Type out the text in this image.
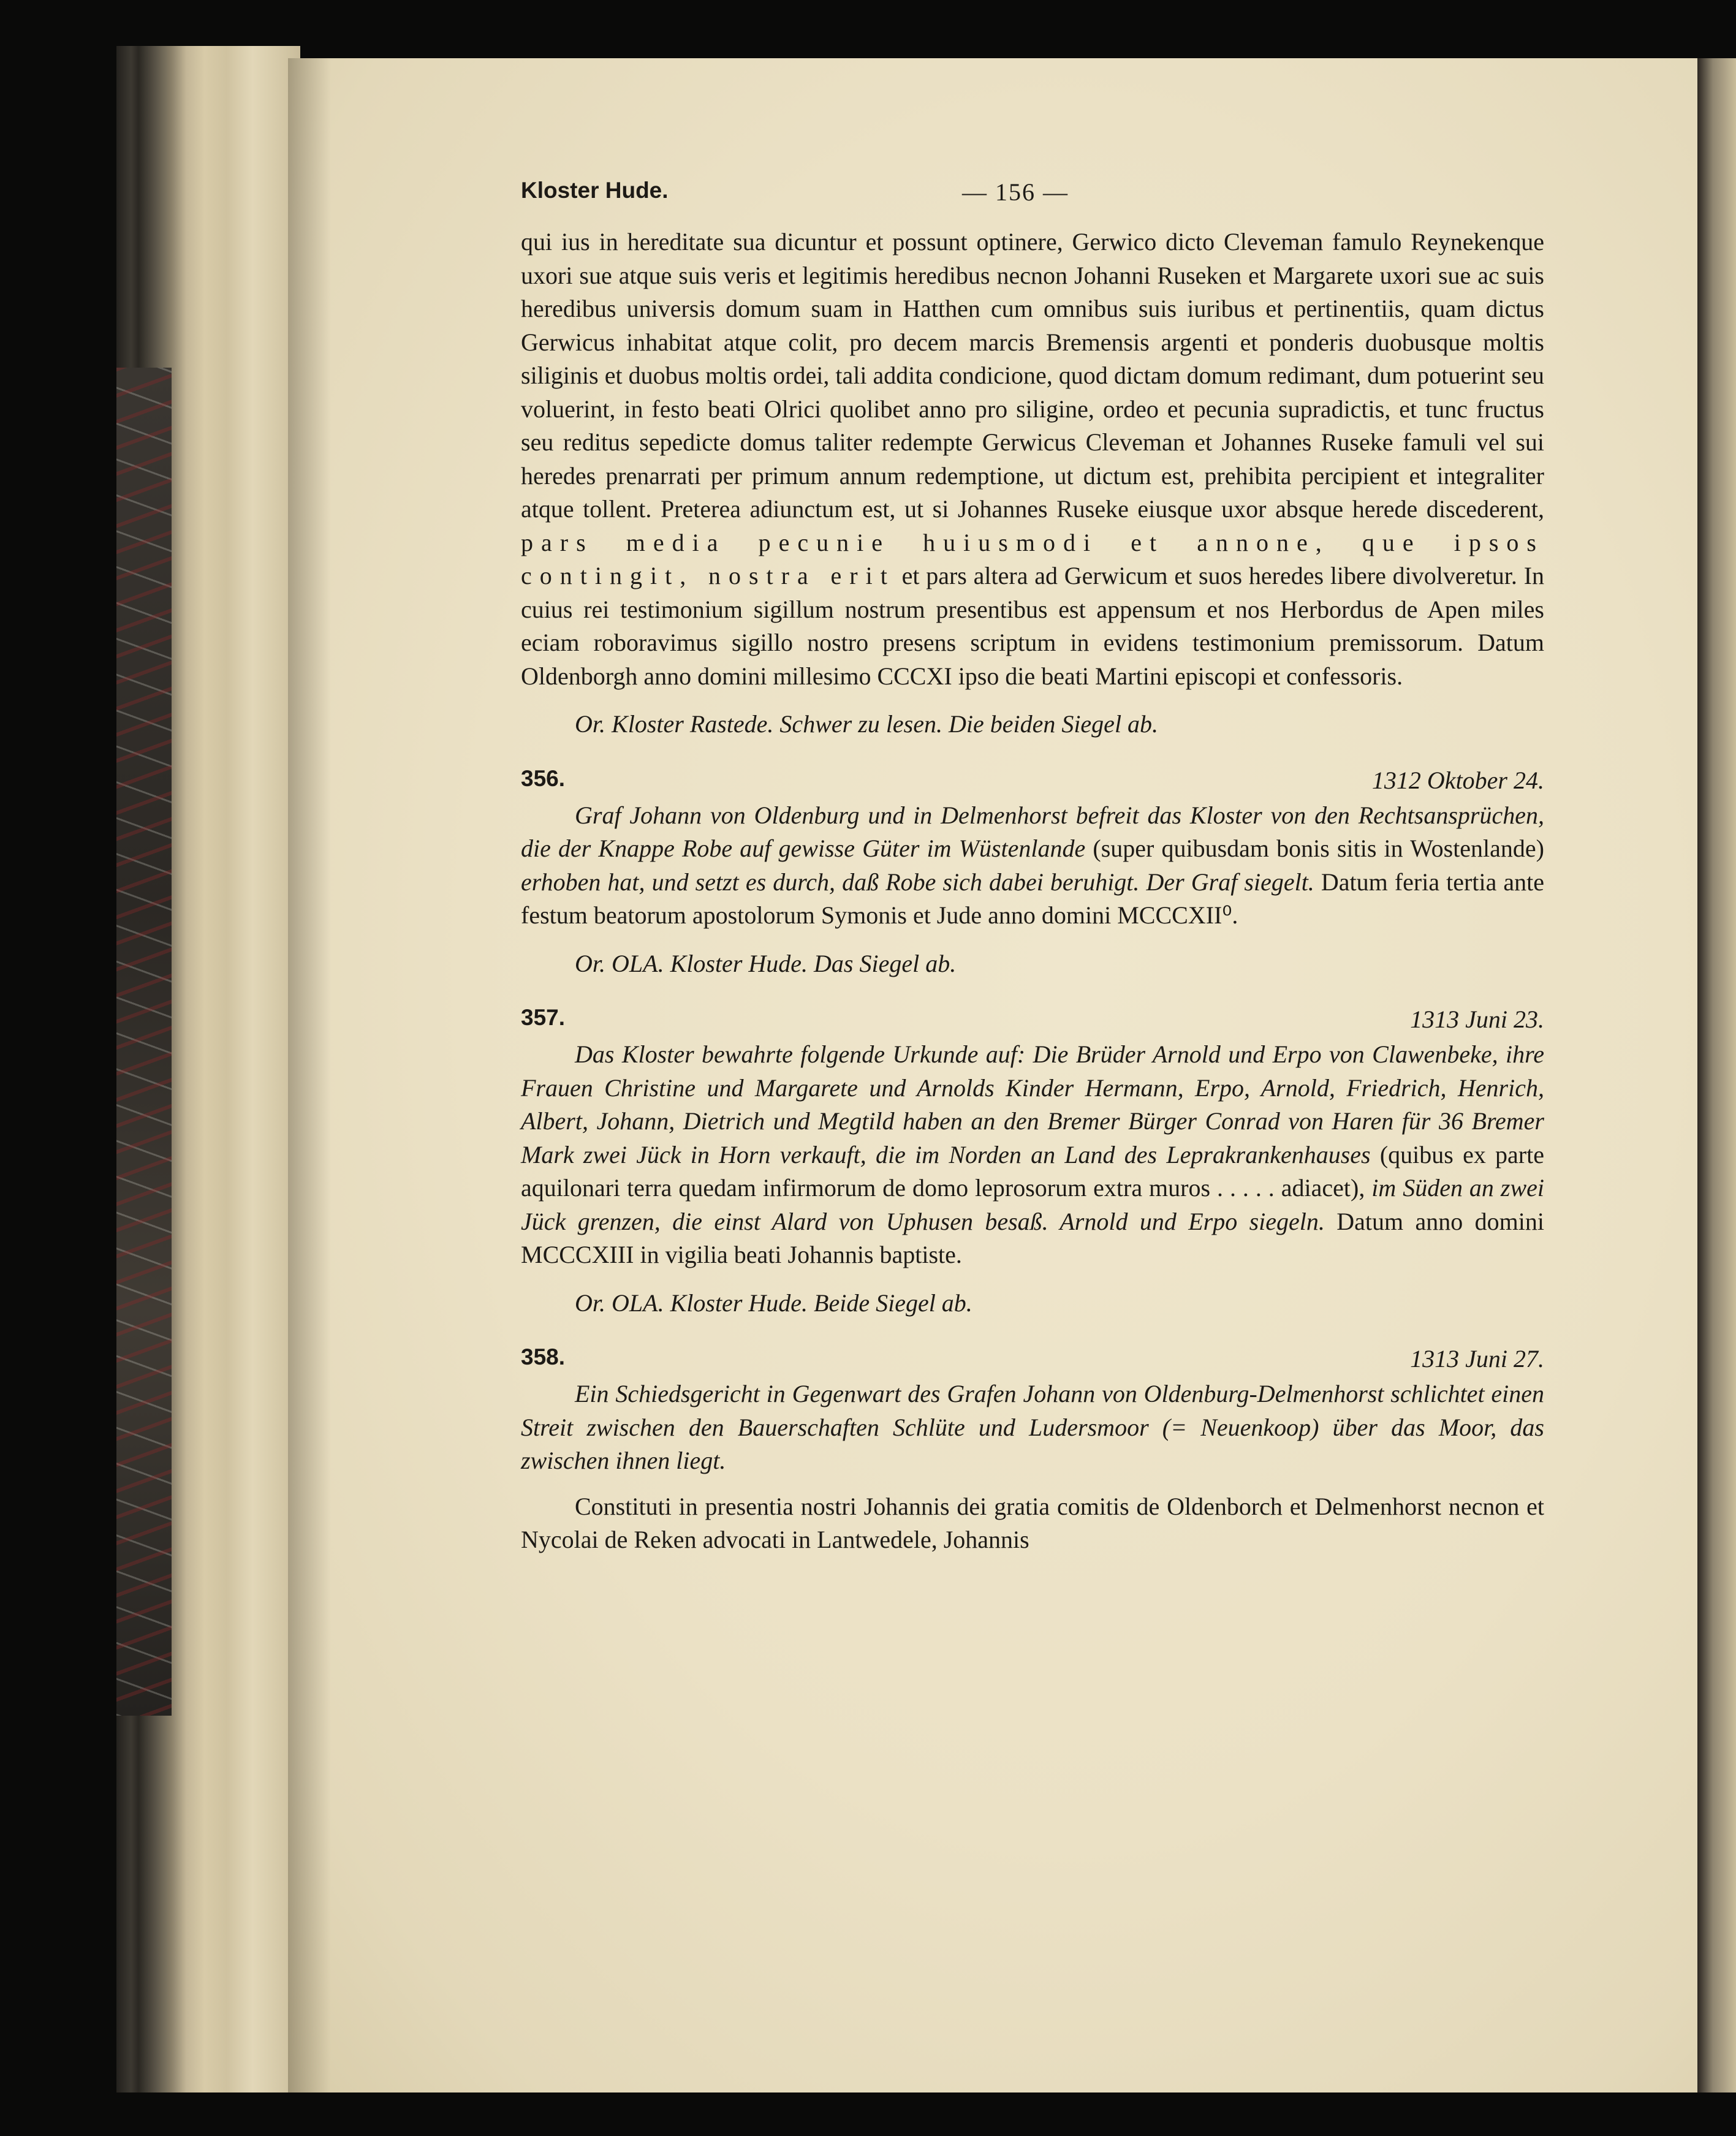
Kloster Hude.	— 156 —

qui ius in hereditate sua dicuntur et possunt optinere, Gerwico dicto Cleveman famulo Reynekenque uxori sue atque suis veris et legitimis heredibus necnon Johanni Ruseken et Margarete uxori sue ac suis heredibus universis domum suam in Hatthen cum omnibus suis iuribus et pertinentiis, quam dictus Gerwicus inhabitat atque colit, pro decem marcis Bremensis argenti et ponderis duobusque moltis siliginis et duobus moltis ordei, tali addita condicione, quod dictam domum redimant, dum potuerint seu voluerint, in festo beati Olrici quolibet anno pro siligine, ordeo et pecunia supradictis, et tunc fructus seu reditus sepedicte domus taliter redempte Gerwicus Cleveman et Johannes Ruseke famuli vel sui heredes prenarrati per primum annum redemptione, ut dictum est, prehibita percipient et integraliter atque tollent. Preterea adiunctum est, ut si Johannes Ruseke eiusque uxor absque herede discederent, pars media pecunie huiusmodi et annone, que ipsos contingit, nostra erit et pars altera ad Gerwicum et suos heredes libere divolveretur. In cuius rei testimonium sigillum nostrum presentibus est appensum et nos Herbordus de Apen miles eciam roboravimus sigillo nostro presens scriptum in evidens testimonium premissorum. Datum Oldenborgh anno domini millesimo CCCXI ipso die beati Martini episcopi et confessoris.

Or. Kloster Rastede. Schwer zu lesen. Die beiden Siegel ab.
356.	1312 Oktober 24.

Graf Johann von Oldenburg und in Delmenhorst befreit das Kloster von den Rechtsansprüchen, die der Knappe Robe auf gewisse Güter im Wüstenlande (super quibusdam bonis sitis in Wostenlande) erhoben hat, und setzt es durch, daß Robe sich dabei beruhigt. Der Graf siegelt. Datum feria tertia ante festum beatorum apostolorum Symonis et Jude anno domini MCCCXII⁰.

Or. OLA. Kloster Hude. Das Siegel ab.
357.	1313 Juni 23.

Das Kloster bewahrte folgende Urkunde auf: Die Brüder Arnold und Erpo von Clawenbeke, ihre Frauen Christine und Margarete und Arnolds Kinder Hermann, Erpo, Arnold, Friedrich, Henrich, Albert, Johann, Dietrich und Megtild haben an den Bremer Bürger Conrad von Haren für 36 Bremer Mark zwei Jück in Horn verkauft, die im Norden an Land des Leprakrankenhauses (quibus ex parte aquilonari terra quedam infirmorum de domo leprosorum extra muros . . . . . adiacet), im Süden an zwei Jück grenzen, die einst Alard von Uphusen besaß. Arnold und Erpo siegeln. Datum anno domini MCCCXIII in vigilia beati Johannis baptiste.

Or. OLA. Kloster Hude. Beide Siegel ab.
358.	1313 Juni 27.

Ein Schiedsgericht in Gegenwart des Grafen Johann von Oldenburg-Delmenhorst schlichtet einen Streit zwischen den Bauerschaften Schlüte und Ludersmoor (= Neuenkoop) über das Moor, das zwischen ihnen liegt.

Constituti in presentia nostri Johannis dei gratia comitis de Oldenborch et Delmenhorst necnon et Nycolai de Reken advocati in Lantwedele, Johannis
